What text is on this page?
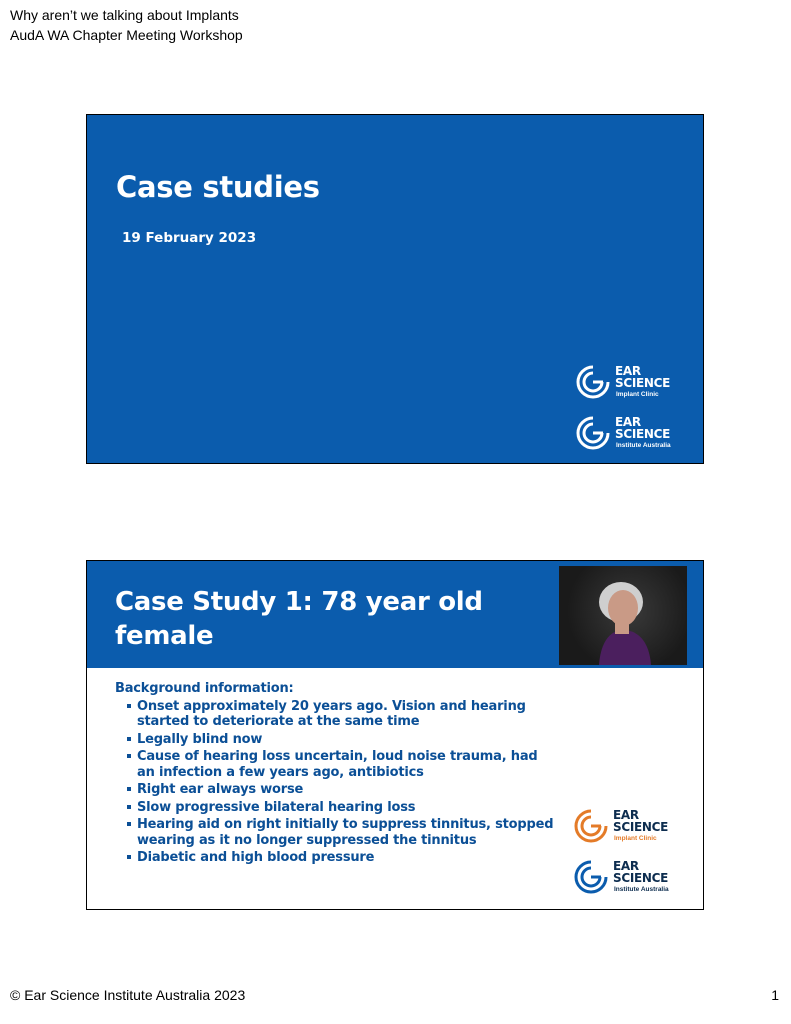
Why aren’t we talking about Implants
AudA WA Chapter Meeting Workshop
Case studies
19 February 2023
EAR
SCIENCE
Implant Clinic
EAR
SCIENCE
Institute Australia
Case Study 1: 78 year old female
Background information:
Onset approximately 20 years ago. Vision and hearing started to deteriorate at the same time
Legally blind now
Cause of hearing loss uncertain, loud noise trauma, had an infection a few years ago, antibiotics
Right ear always worse
Slow progressive bilateral hearing loss
Hearing aid on right initially to suppress tinnitus, stopped wearing as it no longer suppressed the tinnitus
Diabetic and high blood pressure
EAR
SCIENCE
Implant Clinic
EAR
SCIENCE
Institute Australia
© Ear Science Institute Australia 2023	1
